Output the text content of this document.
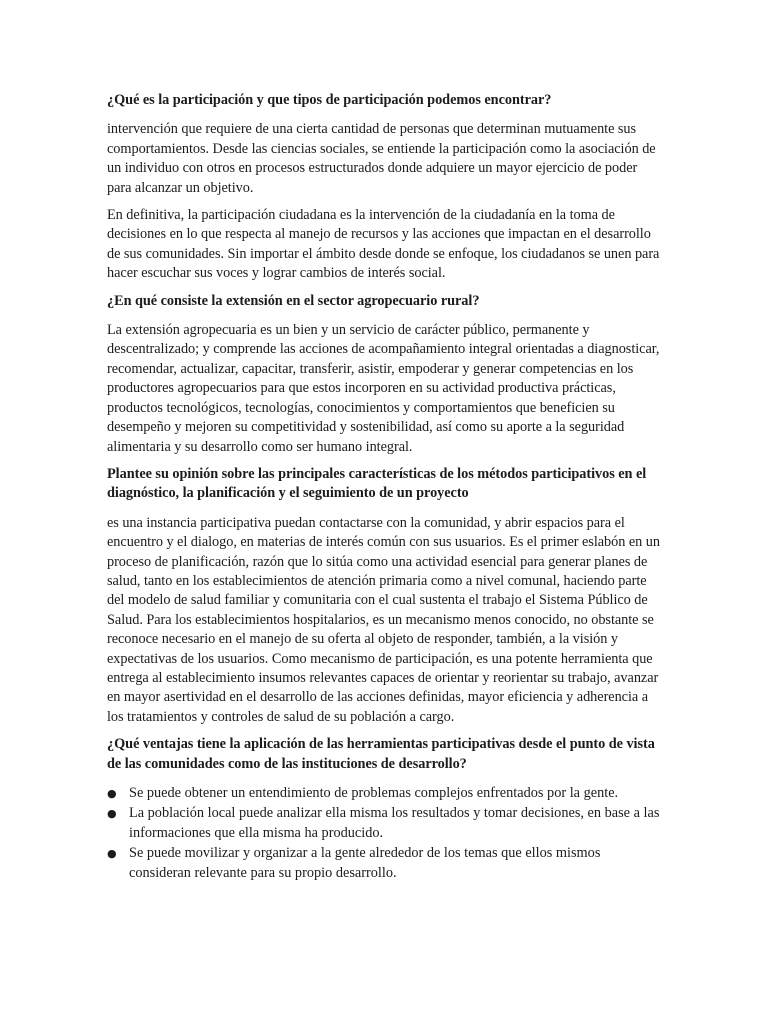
¿Qué es la participación y que tipos de participación podemos encontrar?

intervención que requiere de una cierta cantidad de personas que determinan mutuamente sus comportamientos. Desde las ciencias sociales, se entiende la participación como la asociación de un individuo con otros en procesos estructurados donde adquiere un mayor ejercicio de poder para alcanzar un objetivo.

En definitiva, la participación ciudadana es la intervención de la ciudadanía en la toma de decisiones en lo que respecta al manejo de recursos y las acciones que impactan en el desarrollo de sus comunidades. Sin importar el ámbito desde donde se enfoque, los ciudadanos se unen para hacer escuchar sus voces y lograr cambios de interés social.

¿En qué consiste la extensión en el sector agropecuario rural?

La extensión agropecuaria es un bien y un servicio de carácter público, permanente y descentralizado; y comprende las acciones de acompañamiento integral orientadas a diagnosticar, recomendar, actualizar, capacitar, transferir, asistir, empoderar y generar competencias en los productores agropecuarios para que estos incorporen en su actividad productiva prácticas, productos tecnológicos, tecnologías, conocimientos y comportamientos que beneficien su desempeño y mejoren su competitividad y sostenibilidad, así como su aporte a la seguridad alimentaria y su desarrollo como ser humano integral.

Plantee su opinión sobre las principales características de los métodos participativos en el diagnóstico, la planificación y el seguimiento de un proyecto

es una instancia participativa puedan contactarse con la comunidad, y abrir espacios para el encuentro y el dialogo, en materias de interés común con sus usuarios. Es el primer eslabón en un proceso de planificación, razón que lo sitúa como una actividad esencial para generar planes de salud, tanto en los establecimientos de atención primaria como a nivel comunal, haciendo parte del modelo de salud familiar y comunitaria con el cual sustenta el trabajo el Sistema Público de Salud. Para los establecimientos hospitalarios, es un mecanismo menos conocido, no obstante se reconoce necesario en el manejo de su oferta al objeto de responder, también, a la visión y expectativas de los usuarios. Como mecanismo de participación, es una potente herramienta que entrega al establecimiento insumos relevantes capaces de orientar y reorientar su trabajo, avanzar en mayor asertividad en el desarrollo de las acciones definidas, mayor eficiencia y adherencia a los tratamientos y controles de salud de su población a cargo.

¿Qué ventajas tiene la aplicación de las herramientas participativas desde el punto de vista de las comunidades como de las instituciones de desarrollo?

● Se puede obtener un entendimiento de problemas complejos enfrentados por la gente.
● La población local puede analizar ella misma los resultados y tomar decisiones, en base a las informaciones que ella misma ha producido.
● Se puede movilizar y organizar a la gente alrededor de los temas que ellos mismos consideran relevante para su propio desarrollo.
